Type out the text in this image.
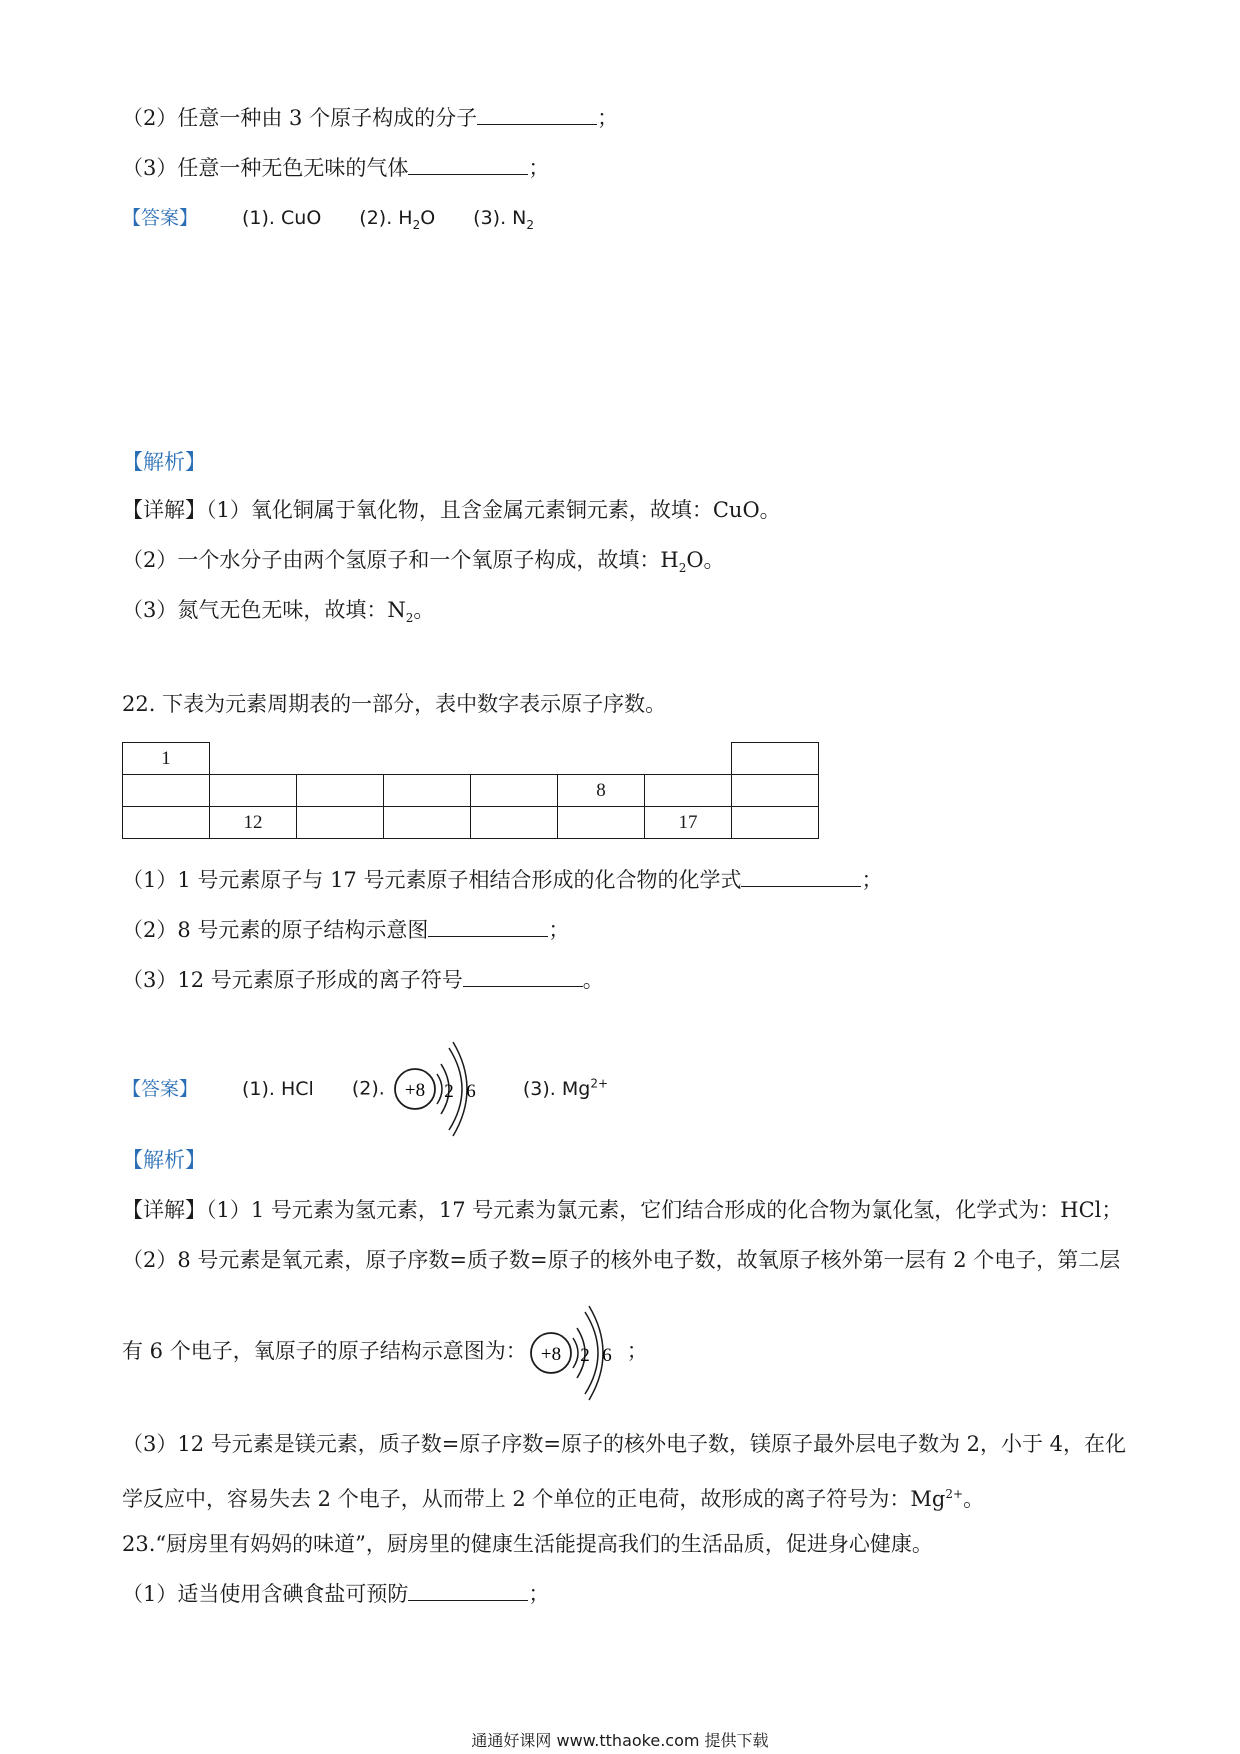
（2）任意一种由 3 个原子构成的分子	；
（3）任意一种无色无味的气体	；
【答案】 (1). CuO (2). $H_2O$ (3). $N_2$
【解析】
【详解】（1）氧化铜属于氧化物，且含金属元素铜元素，故填：CuO。
（2）一个水分子由两个氢原子和一个氧原子构成，故填：$H_2O$。
（3）氮气无色无味，故填：$N_2$。
22. 下表为元素周期表的一部分，表中数字表示原子序数。
1							
					8		
	12					17	
（1）1 号元素原子与 17 号元素原子相结合形成的化合物的化学式	；
（2）8 号元素的原子结构示意图	；
（3）12 号元素原子形成的离子符号	。
【答案】 (1). HCl (2). +8 2 6 (3). $Mg^{2+}$
【解析】
【详解】（1）1 号元素为氢元素，17 号元素为氯元素，它们结合形成的化合物为氯化氢，化学式为：HCl；
（2）8 号元素是氧元素，原子序数=质子数=原子的核外电子数，故氧原子核外第一层有 2 个电子，第二层
有 6 个电子，氧原子的原子结构示意图为： +8 2 6 ；
（3）12 号元素是镁元素，质子数=原子序数=原子的核外电子数，镁原子最外层电子数为 2，小于 4，在化
学反应中，容易失去 2 个电子，从而带上 2 个单位的正电荷，故形成的离子符号为：$Mg^{2+}$。
23.“厨房里有妈妈的味道”，厨房里的健康生活能提高我们的生活品质，促进身心健康。
（1）适当使用含碘食盐可预防	；
通通好课网 www.tthaoke.com 提供下载
